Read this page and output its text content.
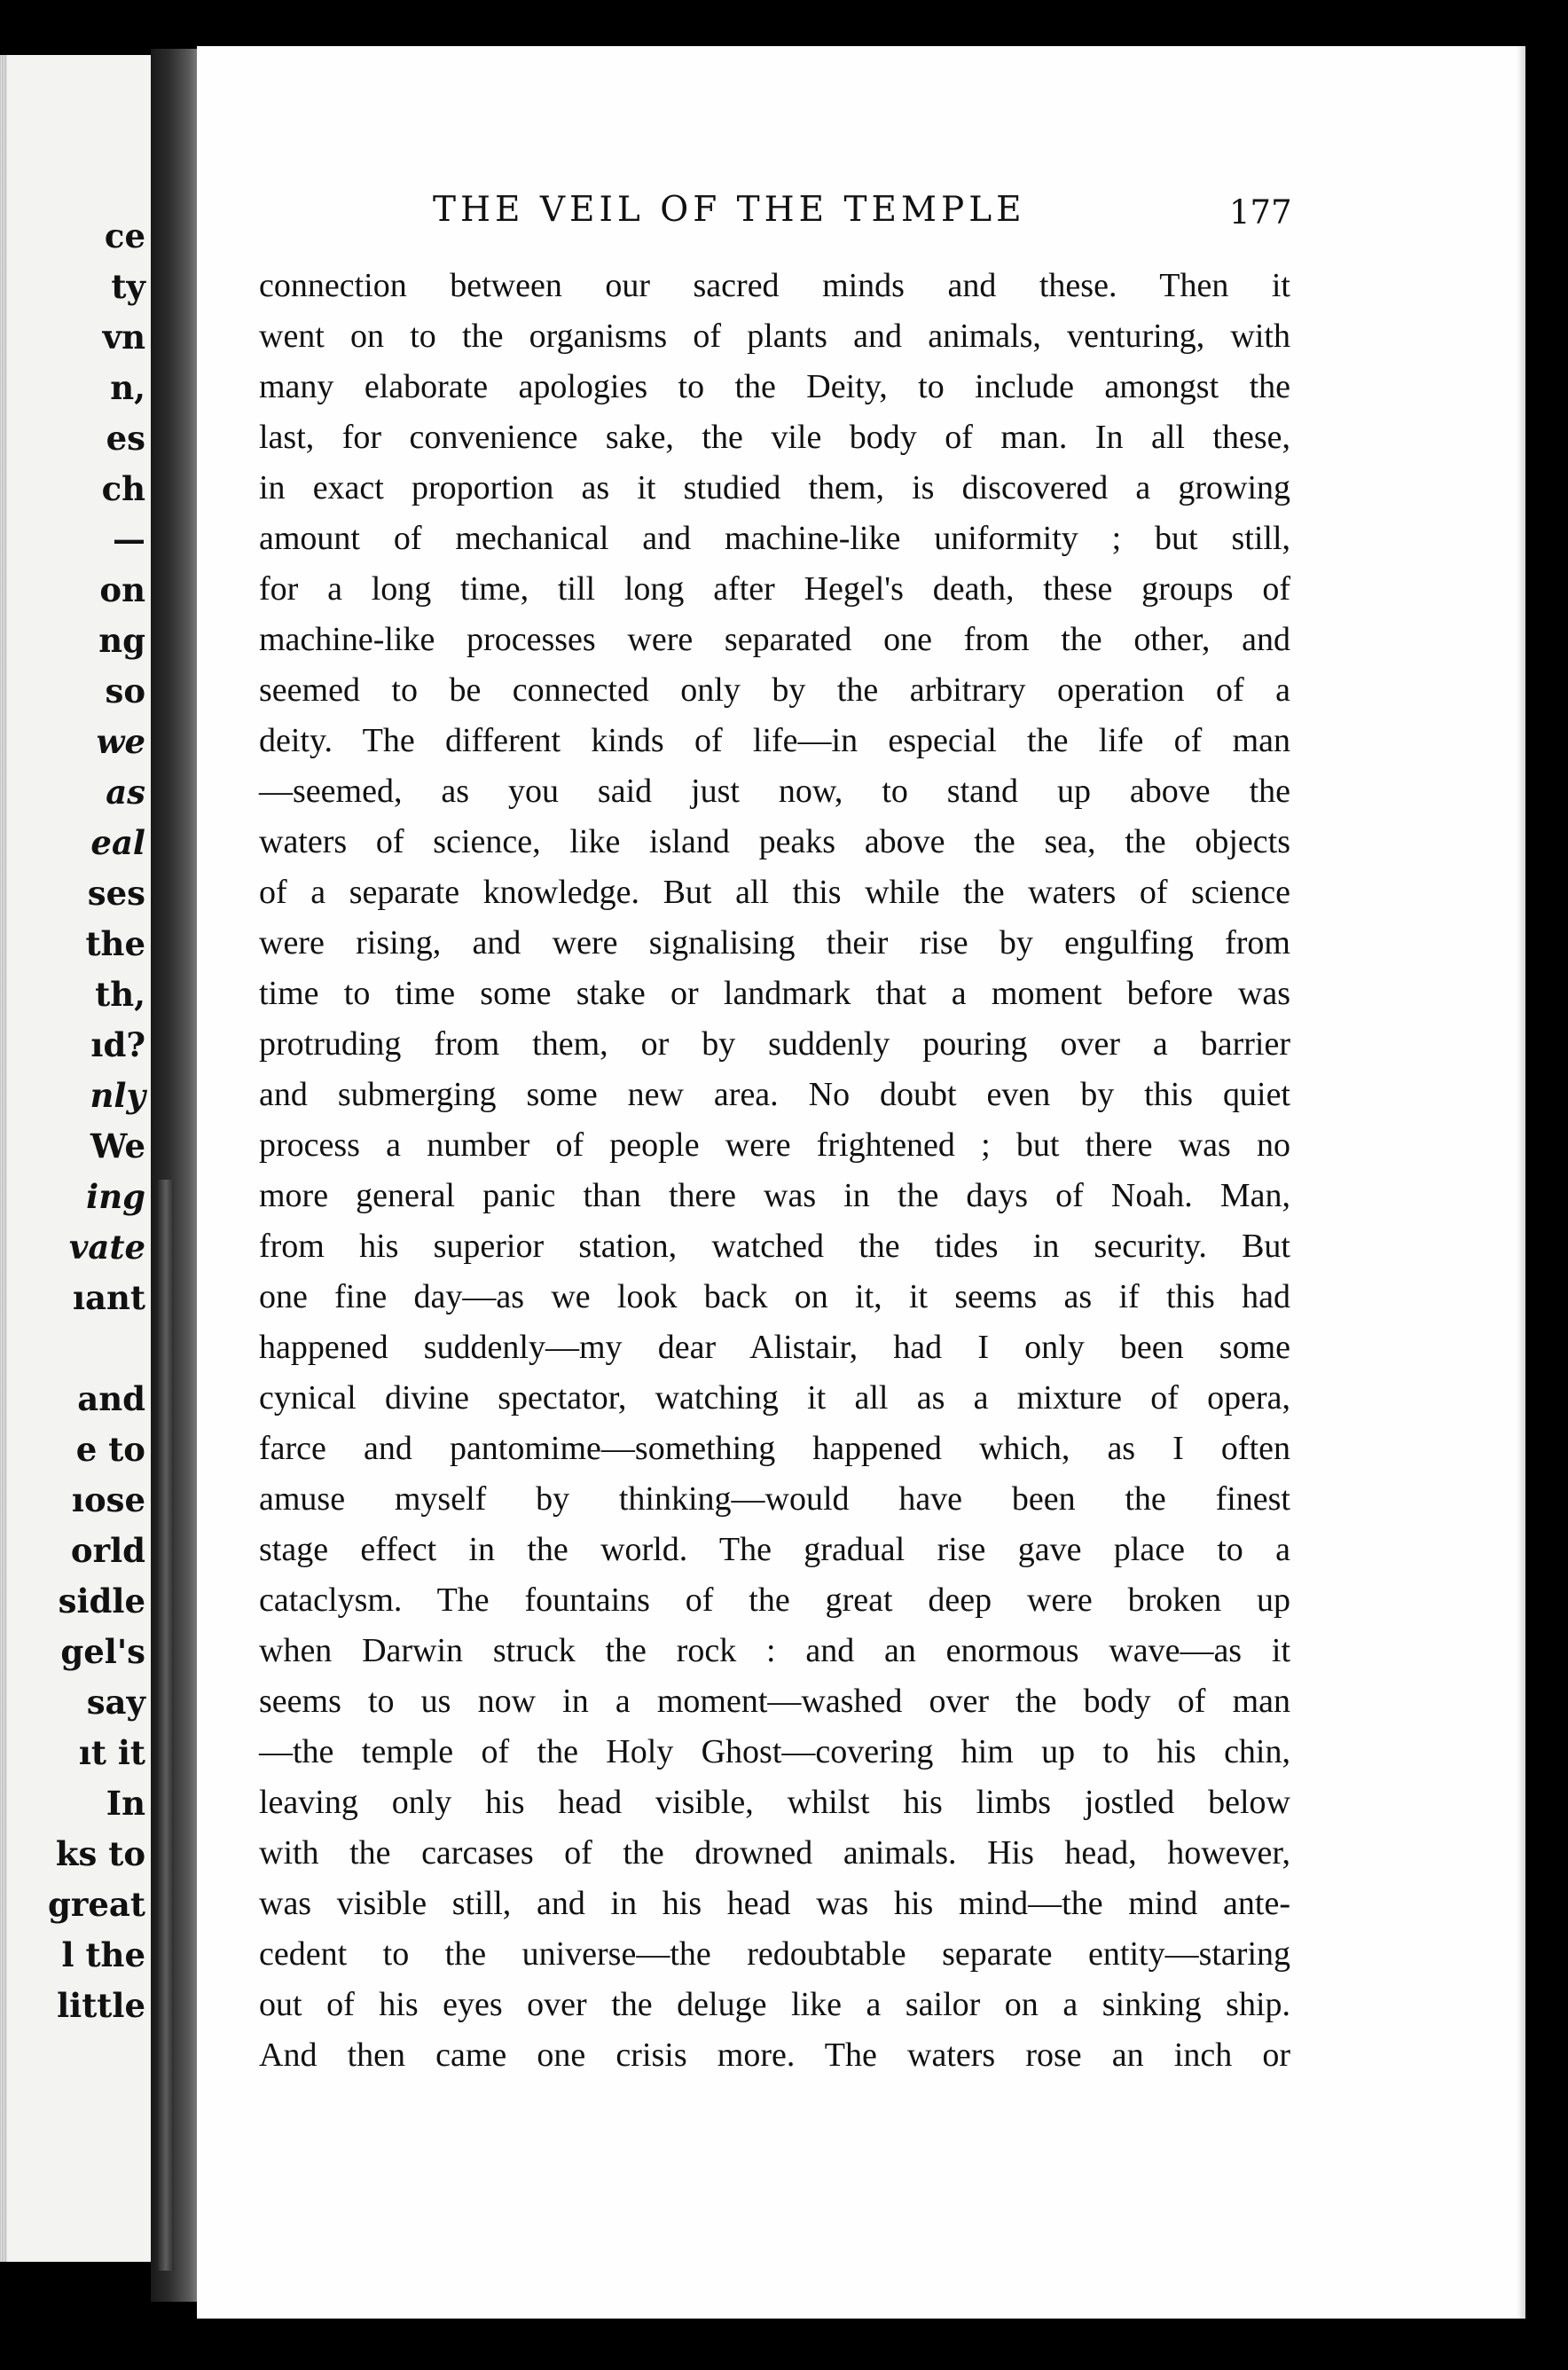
ce
ty
vn
n,
es
ch
—
on
ng
so
we
as
eal
ses
the
th,
ıd?
nly
We
ing
vate
ıant
and
e to
ıose
orld
sidle
gel's
say
ıt it
In
ks to
great
l the
little
THE VEIL OF THE TEMPLE	177
connection between our sacred minds and these. Then it
went on to the organisms of plants and animals, venturing, with
many elaborate apologies to the Deity, to include amongst the
last, for convenience sake, the vile body of man. In all these,
in exact proportion as it studied them, is discovered a growing
amount of mechanical and machine-like uniformity ; but still,
for a long time, till long after Hegel's death, these groups of
machine-like processes were separated one from the other, and
seemed to be connected only by the arbitrary operation of a
deity. The different kinds of life—in especial the life of man
—seemed, as you said just now, to stand up above the
waters of science, like island peaks above the sea, the objects
of a separate knowledge. But all this while the waters of science
were rising, and were signalising their rise by engulfing from
time to time some stake or landmark that a moment before was
protruding from them, or by suddenly pouring over a barrier
and submerging some new area. No doubt even by this quiet
process a number of people were frightened ; but there was no
more general panic than there was in the days of Noah. Man,
from his superior station, watched the tides in security. But
one fine day—as we look back on it, it seems as if this had
happened suddenly—my dear Alistair, had I only been some
cynical divine spectator, watching it all as a mixture of opera,
farce and pantomime—something happened which, as I often
amuse myself by thinking—would have been the finest
stage effect in the world. The gradual rise gave place to a
cataclysm. The fountains of the great deep were broken up
when Darwin struck the rock : and an enormous wave—as it
seems to us now in a moment—washed over the body of man
—the temple of the Holy Ghost—covering him up to his chin,
leaving only his head visible, whilst his limbs jostled below
with the carcases of the drowned animals. His head, however,
was visible still, and in his head was his mind—the mind ante-
cedent to the universe—the redoubtable separate entity—staring
out of his eyes over the deluge like a sailor on a sinking ship.
And then came one crisis more. The waters rose an inch or
